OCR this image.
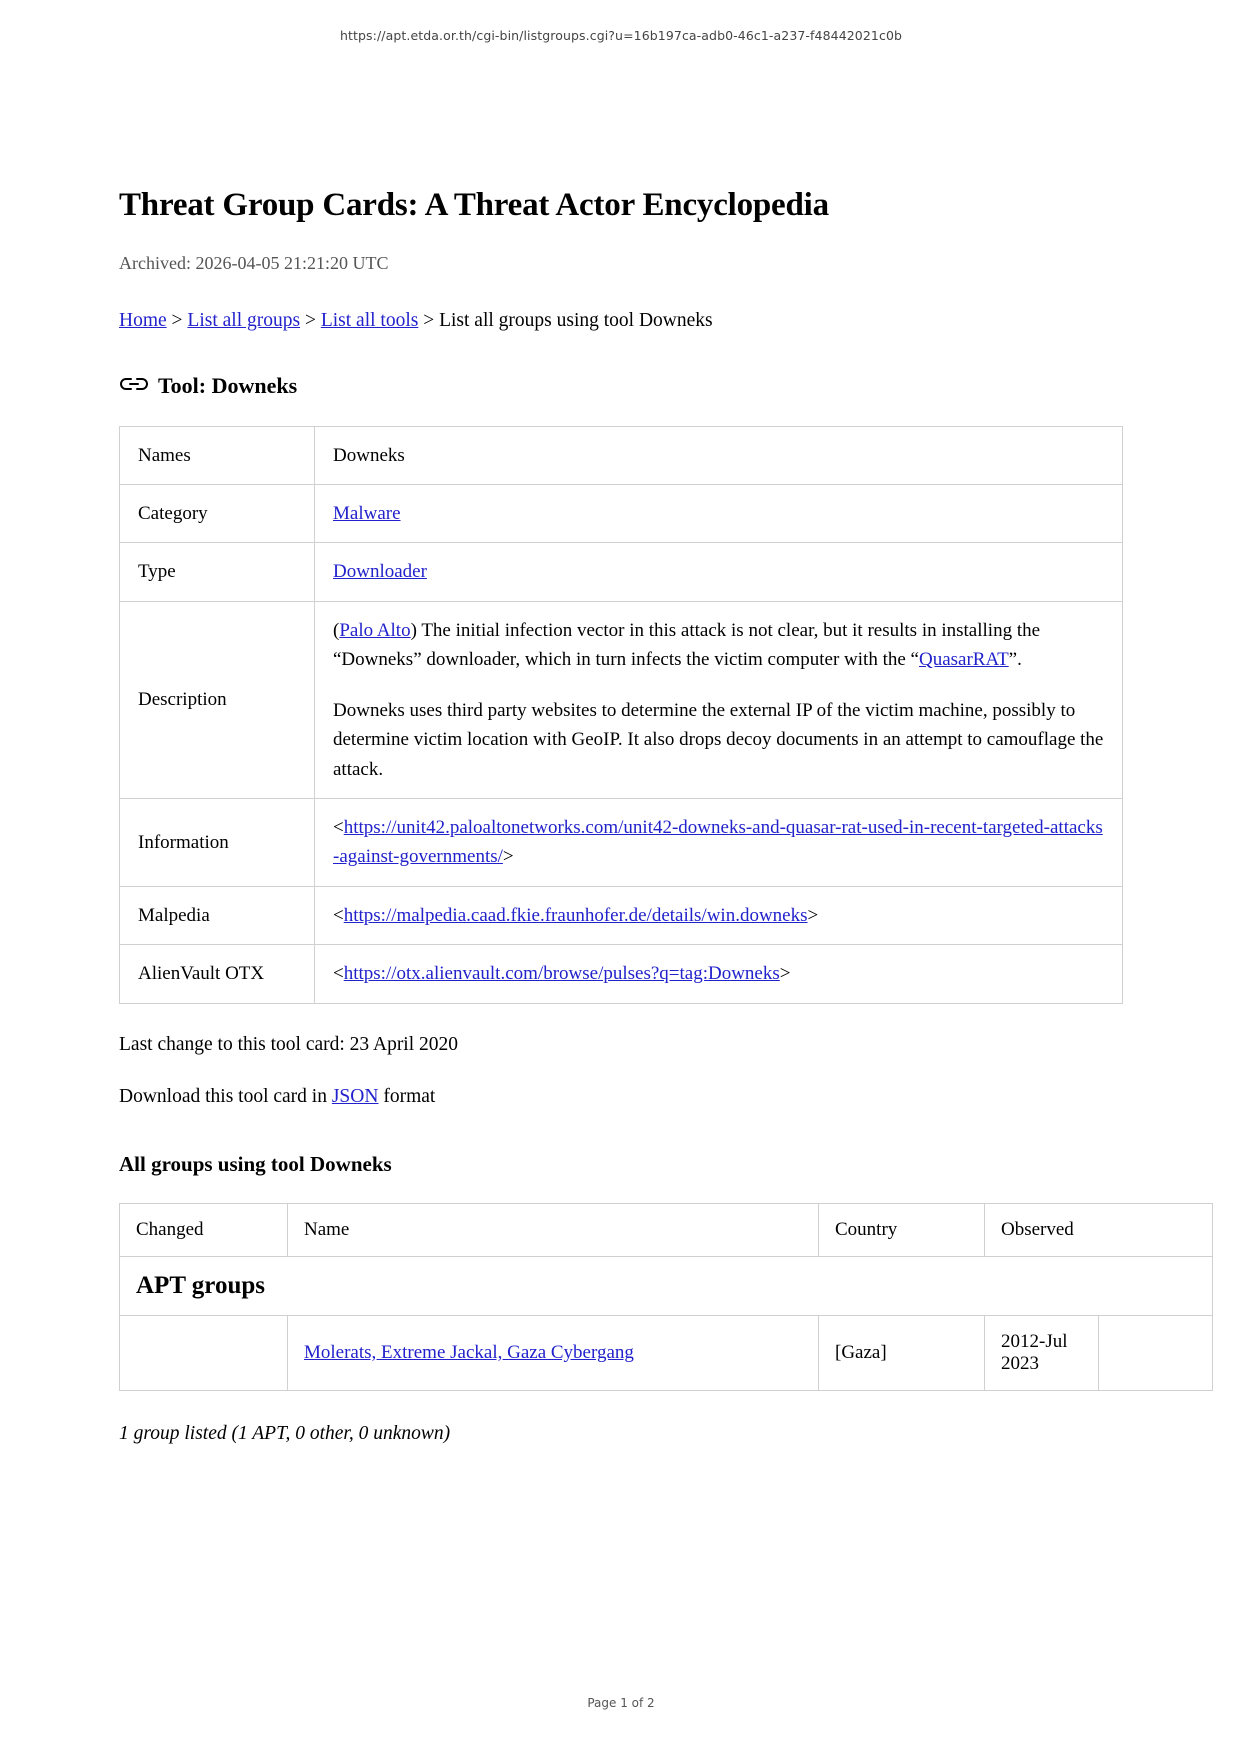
https://apt.etda.or.th/cgi-bin/listgroups.cgi?u=16b197ca-adb0-46c1-a237-f48442021c0b
Threat Group Cards: A Threat Actor Encyclopedia
Archived: 2026-04-05 21:21:20 UTC
Home > List all groups > List all tools > List all groups using tool Downeks
Tool: Downeks
Names	Downeks
Category	Malware
Type	Downloader
Description	(Palo Alto) The initial infection vector in this attack is not clear, but it results in installing the “Downeks” downloader, which in turn infects the victim computer with the “QuasarRAT”.

Downeks uses third party websites to determine the external IP of the victim machine, possibly to determine victim location with GeoIP. It also drops decoy documents in an attempt to camouflage the attack.

Information	<https://unit42.paloaltonetworks.com/unit42-downeks-and-quasar-rat-used-in-recent-targeted-attacks-against-governments/>
Malpedia	<https://malpedia.caad.fkie.fraunhofer.de/details/win.downeks>
AlienVault OTX	<https://otx.alienvault.com/browse/pulses?q=tag:Downeks>
Last change to this tool card: 23 April 2020
Download this tool card in JSON format
All groups using tool Downeks
Changed	Name	Country	Observed	
APT groups				
	Molerats, Extreme Jackal, Gaza Cybergang	[Gaza]	2012-Jul 2023	
1 group listed (1 APT, 0 other, 0 unknown)
Page 1 of 2
